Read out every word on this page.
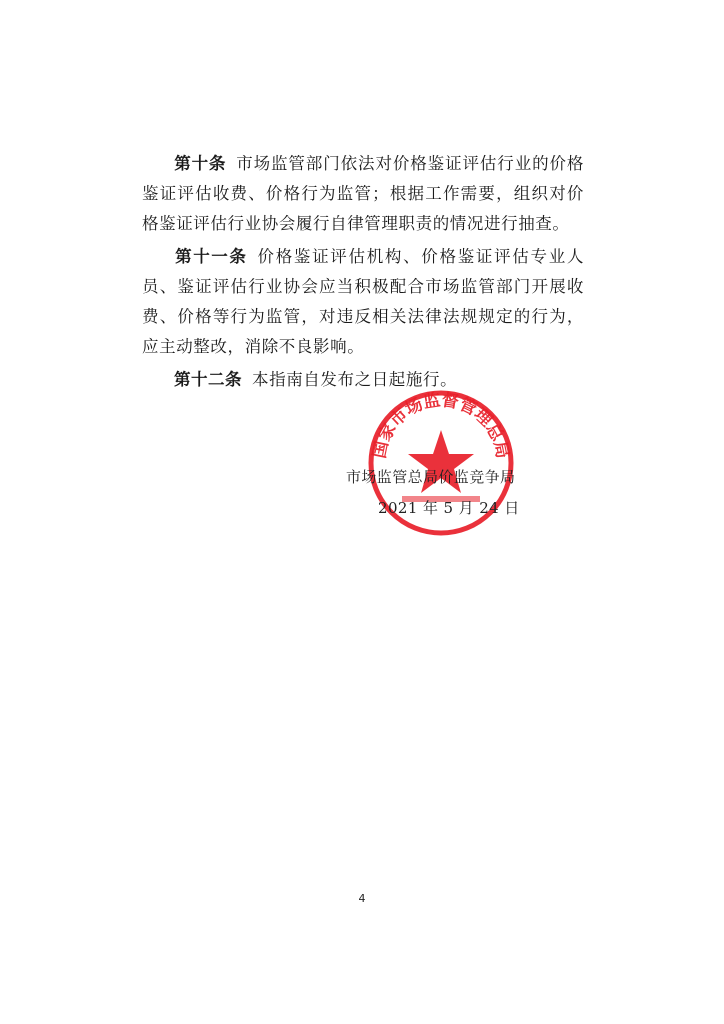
第十条 市场监管部门依法对价格鉴证评估行业的价格鉴证评估收费、价格行为监管；根据工作需要，组织对价格鉴证评估行业协会履行自律管理职责的情况进行抽查。
第十一条 价格鉴证评估机构、价格鉴证评估专业人员、鉴证评估行业协会应当积极配合市场监管部门开展收费、价格等行为监管，对违反相关法律法规规定的行为，应主动整改，消除不良影响。
第十二条 本指南自发布之日起施行。
国家市场监督管理总局
市场监管总局价监竞争局
2021 年 5 月 24 日
4
